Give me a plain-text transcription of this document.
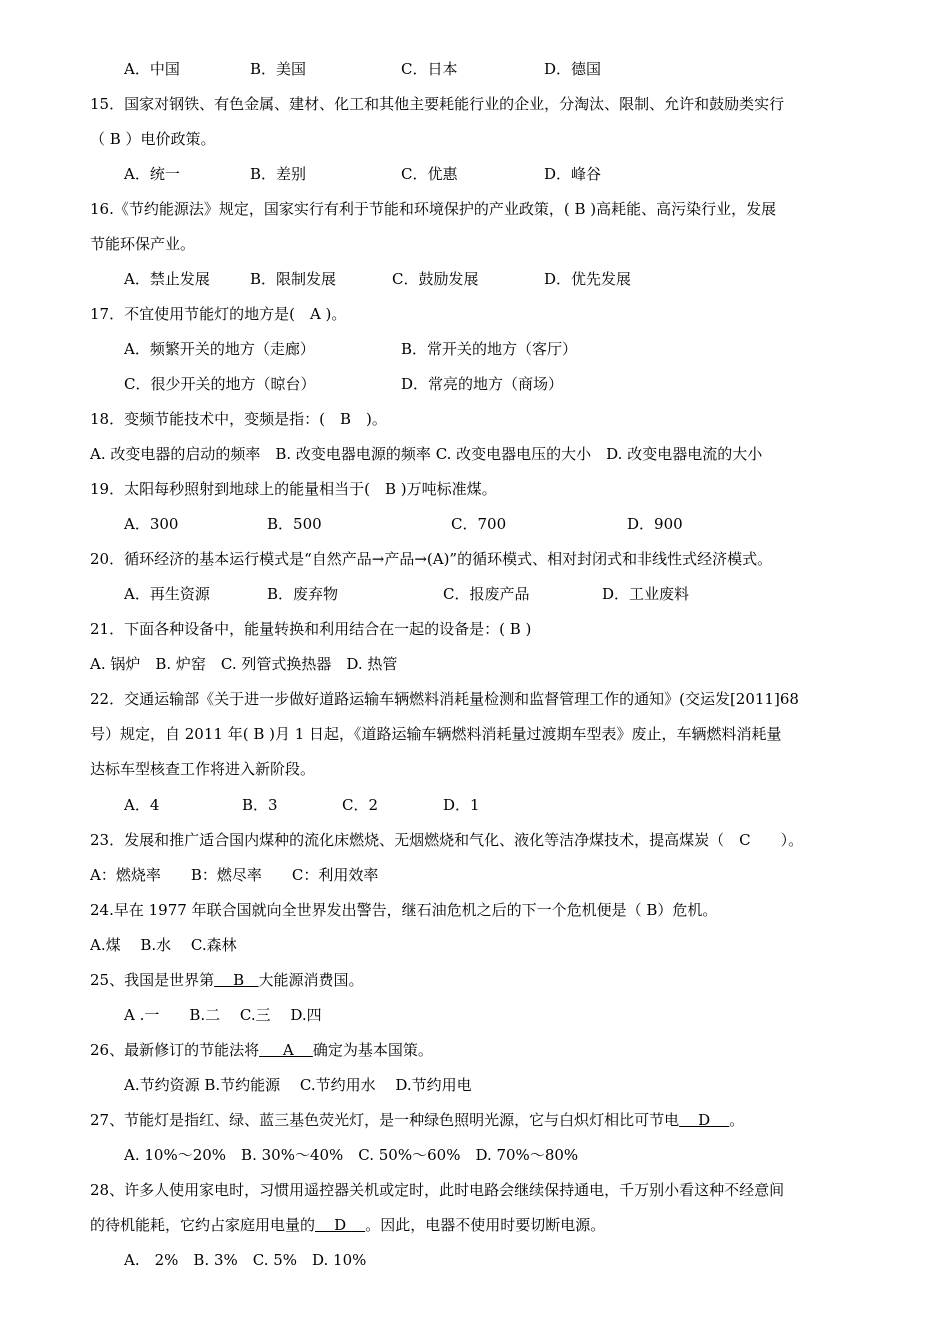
A．中国	B．美国	C．日本	D．德国
15．国家对钢铁、有色金属、建材、化工和其他主要耗能行业的企业，分淘汰、限制、允许和鼓励类实行
（ B ）电价政策。
A．统一	B．差别	C．优惠	D．峰谷
16.《节约能源法》规定，国家实行有利于节能和环境保护的产业政策，( B )高耗能、高污染行业，发展
节能环保产业。
A．禁止发展	B．限制发展	C．鼓励发展	D．优先发展
17．不宜使用节能灯的地方是(　A )。
A．频繁开关的地方（走廊）	B．常开关的地方（客厅）
C．很少开关的地方（晾台）	D．常亮的地方（商场）
18．变频节能技术中，变频是指：(　B　)。
A. 改变电器的启动的频率　B. 改变电器电源的频率 C. 改变电器电压的大小　D. 改变电器电流的大小
19．太阳每秒照射到地球上的能量相当于(　B )万吨标准煤。
A．300	B．500	C．700	D．900
20．循环经济的基本运行模式是“自然产品→产品→(A)”的循环模式、相对封闭式和非线性式经济模式。
A．再生资源	B．废弃物	C．报废产品	D．工业废料
21．下面各种设备中，能量转换和利用结合在一起的设备是：( B )
A. 锅炉　B. 炉窑　C. 列管式换热器　D. 热管
22．交通运输部《关于进一步做好道路运输车辆燃料消耗量检测和监督管理工作的通知》(交运发[2011]68
号）规定，自 2011 年( B )月 1 日起，《道路运输车辆燃料消耗量过渡期车型表》废止，车辆燃料消耗量
达标车型核查工作将进入新阶段。
A．4	B．3	C．2	D．1
23．发展和推广适合国内煤种的流化床燃烧、无烟燃烧和气化、液化等洁净煤技术，提高煤炭（　C　　）。
A：燃烧率　　B：燃尽率　　C：利用效率
24.早在 1977 年联合国就向全世界发出警告，继石油危机之后的下一个危机便是（ B）危机。
A.煤　 B.水　 C.森林
25、我国是世界第    B   大能源消费国。
A .一　　B.二　 C.三　 D.四
26、最新修订的节能法将     A    确定为基本国策。
A.节约资源 B.节约能源　 C.节约用水　 D.节约用电
27、节能灯是指红、绿、蓝三基色荧光灯，是一种绿色照明光源，它与白炽灯相比可节电    D    。
A. 10%～20%　B. 30%～40%　C. 50%～60%　D. 70%～80%
28、许多人使用家电时，习惯用遥控器关机或定时，此时电路会继续保持通电，千万别小看这种不经意间
的待机能耗，它约占家庭用电量的    D    。因此，电器不使用时要切断电源。
A.　2%　B. 3%　C. 5%　D. 10%
